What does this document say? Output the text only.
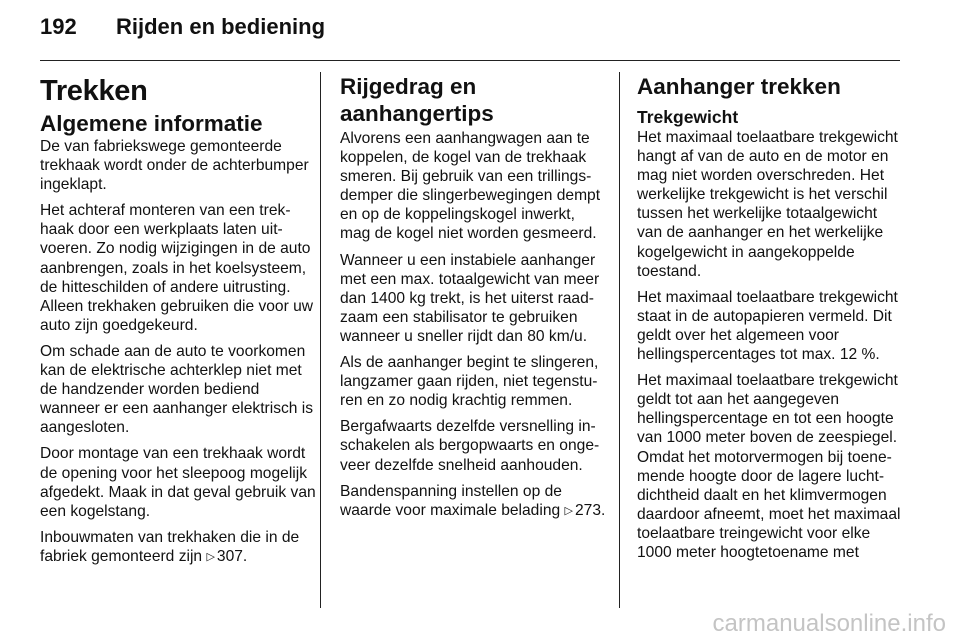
192 Rijden en bediening
Trekken
Algemene informatie

De van fabriekswege gemonteerde trekhaak wordt onder de achterbumper ingeklapt.

Het achteraf monteren van een trekhaak door een werkplaats laten uitvoeren. Zo nodig wijzigingen in de auto aanbrengen, zoals in het koelsysteem, de hitteschilden of andere uitrusting. Alleen trekhaken gebruiken die voor uw auto zijn goedgekeurd.

Om schade aan de auto te voorkomen kan de elektrische achterklep niet met de handzender worden bediend wanneer er een aanhanger elektrisch is aangesloten.

Door montage van een trekhaak wordt de opening voor het sleepoog mogelijk afgedekt. Maak in dat geval gebruik van een kogelstang.

Inbouwmaten van trekhaken die in de fabriek gemonteerd zijn ▷ 307.

Rijgedrag en
aanhangertips

Alvorens een aanhangwagen aan te koppelen, de kogel van de trekhaak smeren. Bij gebruik van een trillingsdemper die slingerbewegingen dempt en op de koppelingskogel inwerkt, mag de kogel niet worden gesmeerd.

Wanneer u een instabiele aanhanger met een max. totaalgewicht van meer dan 1400 kg trekt, is het uiterst raadzaam een stabilisator te gebruiken wanneer u sneller rijdt dan 80 km/u.

Als de aanhanger begint te slingeren, langzamer gaan rijden, niet tegensturen en zo nodig krachtig remmen.

Bergafwaarts dezelfde versnelling inschakelen als bergopwaarts en ongeveer dezelfde snelheid aanhouden.

Bandenspanning instellen op de waarde voor maximale belading ▷ 273.

Aanhanger trekken
Trekgewicht

Het maximaal toelaatbare trekgewicht hangt af van de auto en de motor en mag niet worden overschreden. Het werkelijke trekgewicht is het verschil tussen het werkelijke totaalgewicht van de aanhanger en het werkelijke kogelgewicht in aangekoppelde toestand.

Het maximaal toelaatbare trekgewicht staat in de autopapieren vermeld. Dit geldt over het algemeen voor hellingspercentages tot max. 12 %.

Het maximaal toelaatbare trekgewicht geldt tot aan het aangegeven hellingspercentage en tot een hoogte van 1000 meter boven de zeespiegel. Omdat het motorvermogen bij toenemende hoogte door de lagere luchtdichtheid daalt en het klimvermogen daardoor afneemt, moet het maximaal toelaatbare treingewicht voor elke 1000 meter hoogtetoename met

carmanualsonline.info
